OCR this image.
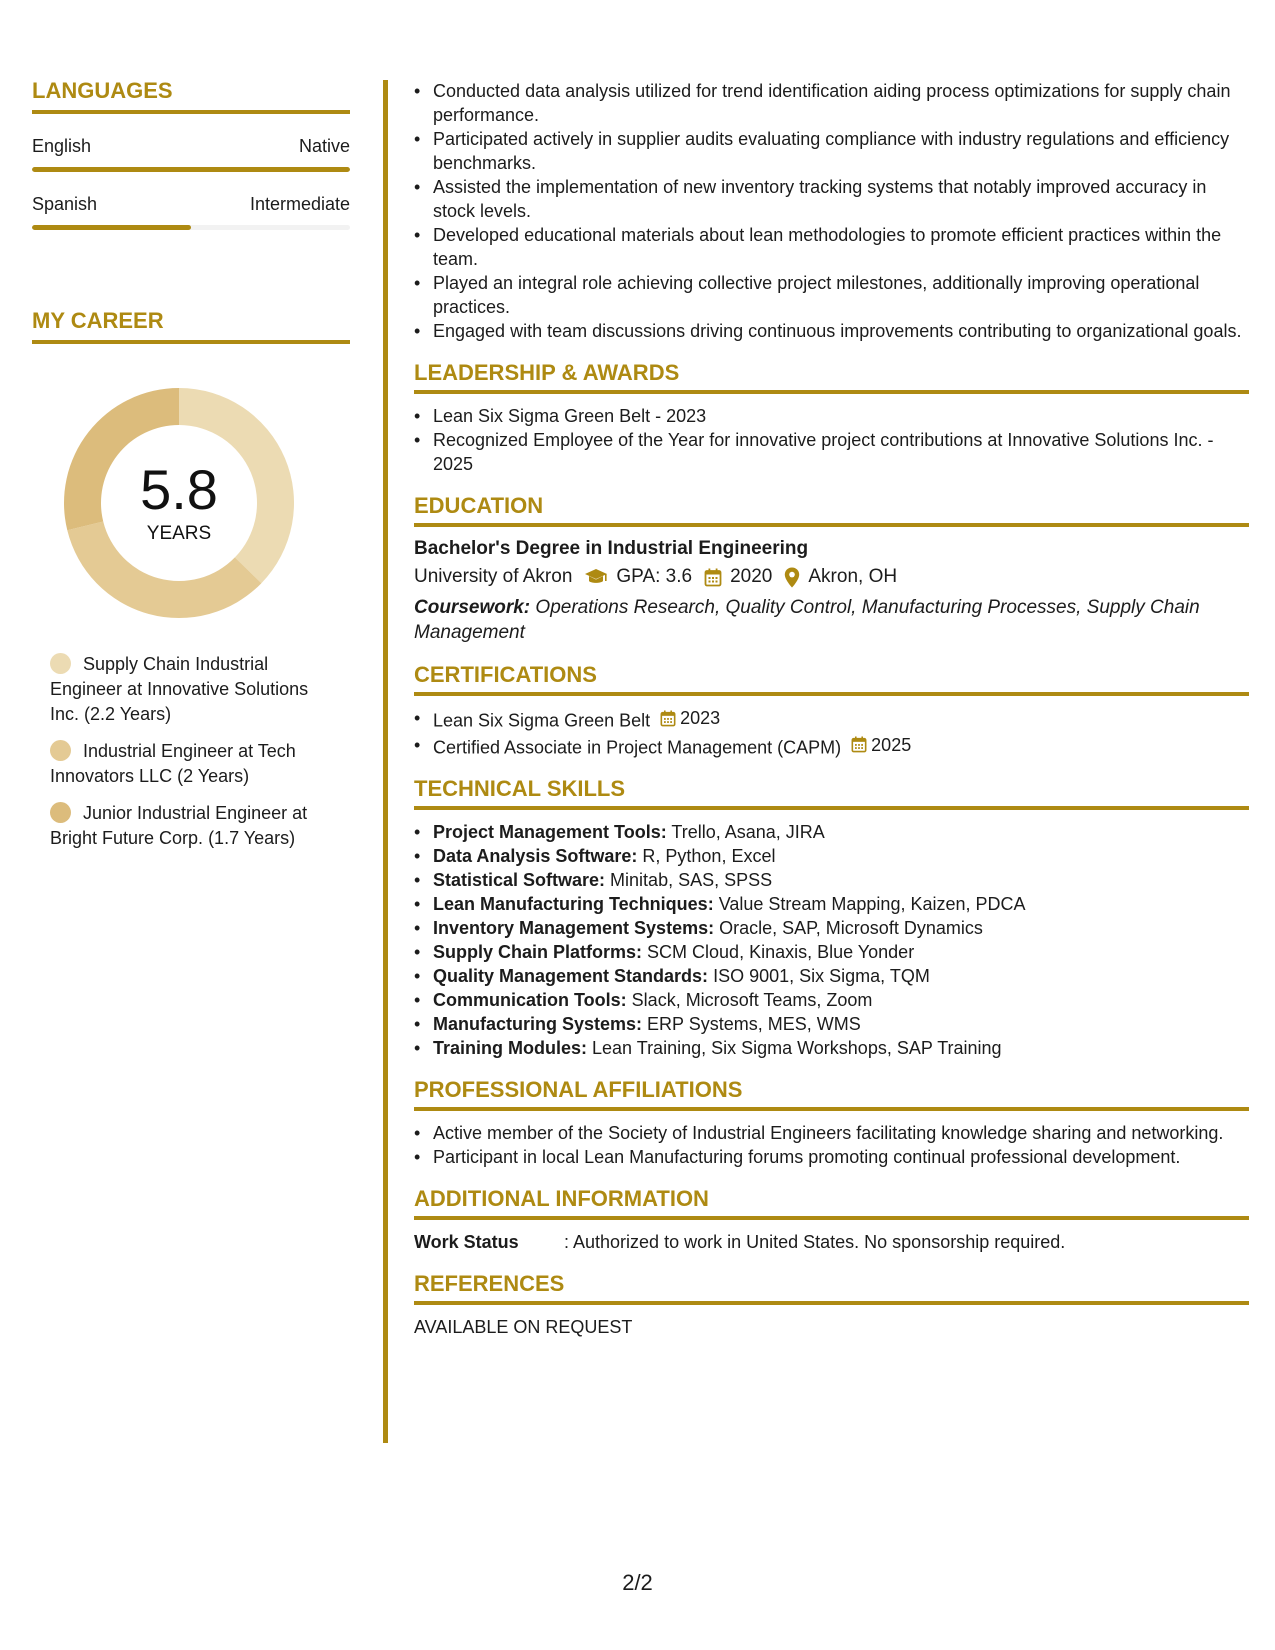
LANGUAGES
English	Native
Spanish	Intermediate
MY CAREER
5.8
YEARS
Supply Chain Industrial Engineer at Innovative Solutions Inc. (2.2 Years)
Industrial Engineer at Tech Innovators LLC (2 Years)
Junior Industrial Engineer at Bright Future Corp. (1.7 Years)
• Conducted data analysis utilized for trend identification aiding process optimizations for supply chain performance.
• Participated actively in supplier audits evaluating compliance with industry regulations and efficiency benchmarks.
• Assisted the implementation of new inventory tracking systems that notably improved accuracy in stock levels.
• Developed educational materials about lean methodologies to promote efficient practices within the team.
• Played an integral role achieving collective project milestones, additionally improving operational practices.
• Engaged with team discussions driving continuous improvements contributing to organizational goals.
LEADERSHIP & AWARDS
• Lean Six Sigma Green Belt - 2023
• Recognized Employee of the Year for innovative project contributions at Innovative Solutions Inc. - 2025
EDUCATION
Bachelor's Degree in Industrial Engineering
University of Akron GPA: 3.6 2020 Akron, OH
Coursework: Operations Research, Quality Control, Manufacturing Processes, Supply Chain Management
CERTIFICATIONS
• Lean Six Sigma Green Belt 2023
• Certified Associate in Project Management (CAPM) 2025
TECHNICAL SKILLS
• Project Management Tools: Trello, Asana, JIRA
• Data Analysis Software: R, Python, Excel
• Statistical Software: Minitab, SAS, SPSS
• Lean Manufacturing Techniques: Value Stream Mapping, Kaizen, PDCA
• Inventory Management Systems: Oracle, SAP, Microsoft Dynamics
• Supply Chain Platforms: SCM Cloud, Kinaxis, Blue Yonder
• Quality Management Standards: ISO 9001, Six Sigma, TQM
• Communication Tools: Slack, Microsoft Teams, Zoom
• Manufacturing Systems: ERP Systems, MES, WMS
• Training Modules: Lean Training, Six Sigma Workshops, SAP Training
PROFESSIONAL AFFILIATIONS
• Active member of the Society of Industrial Engineers facilitating knowledge sharing and networking.
• Participant in local Lean Manufacturing forums promoting continual professional development.
ADDITIONAL INFORMATION
Work Status	: Authorized to work in United States. No sponsorship required.
REFERENCES
AVAILABLE ON REQUEST
2/2
